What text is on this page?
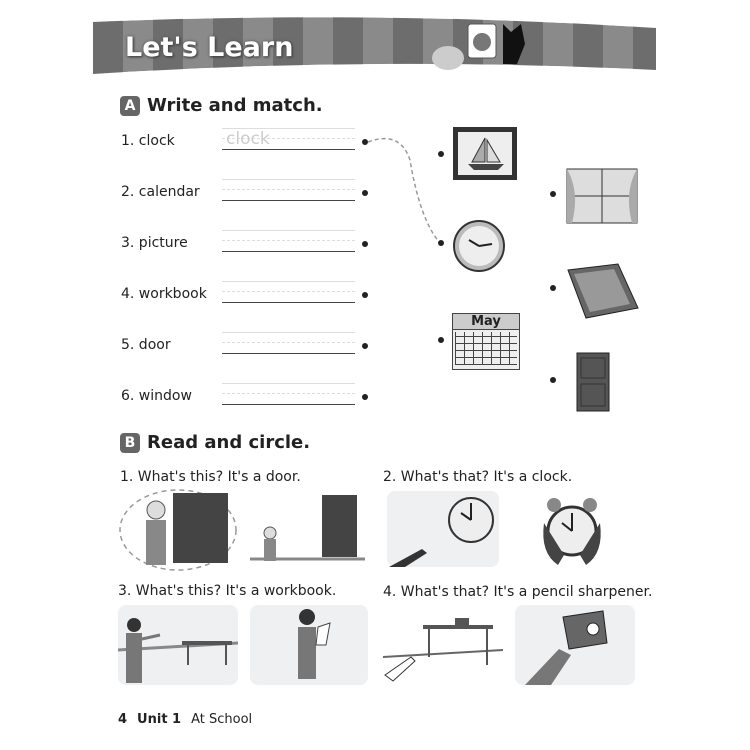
Let's Learn
A Write and match.
1. clock	clock
2. calendar
3. picture
4. workbook
5. door
6. window
May
B Read and circle.
1. What's this? It's a door.	2. What's that? It's a clock.
3. What's this? It's a workbook.	4. What's that? It's a pencil sharpener.
4 Unit 1 At School
